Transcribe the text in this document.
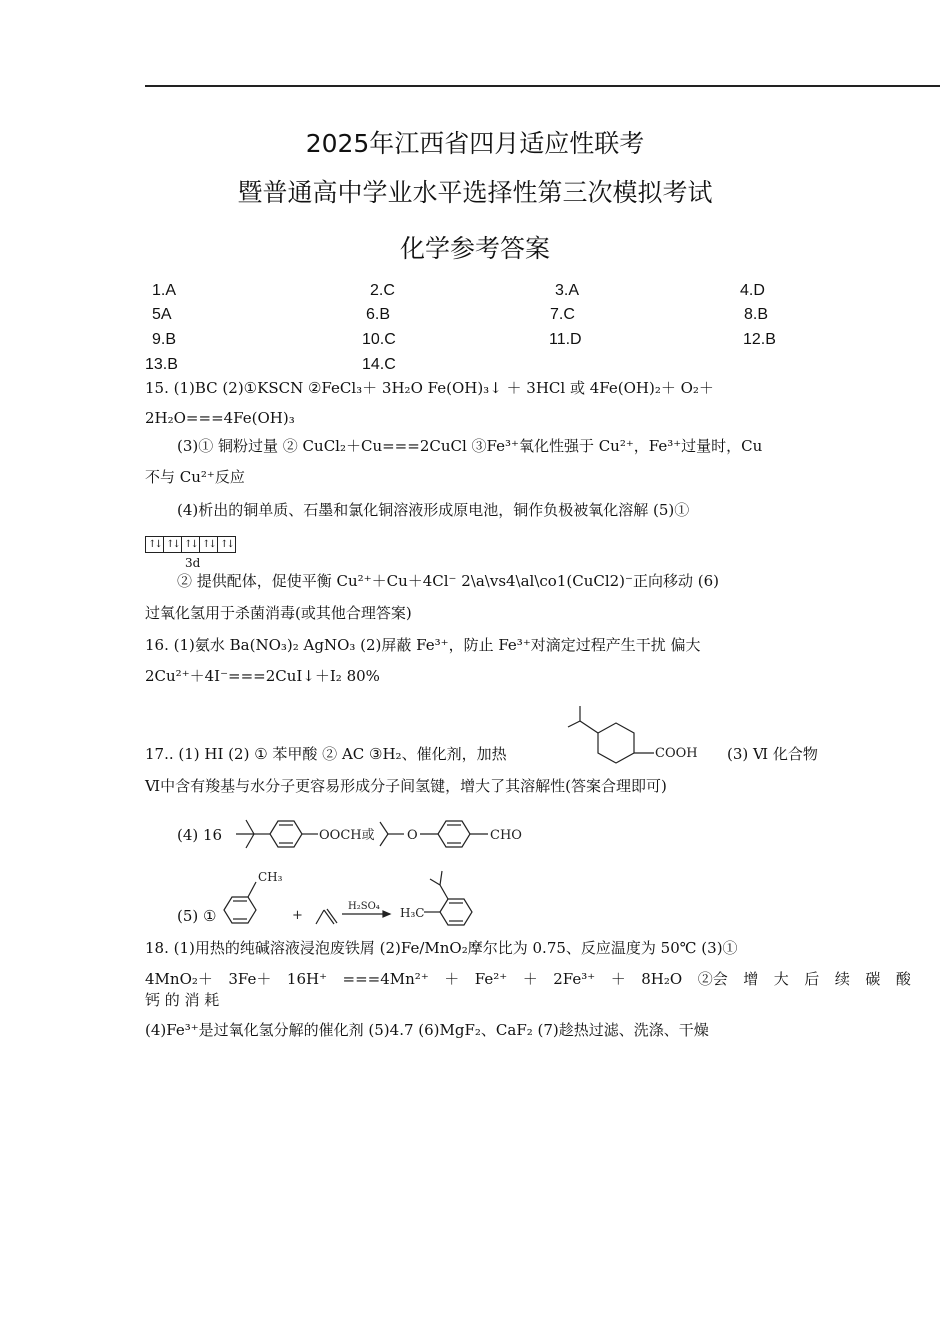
2025年江西省四月适应性联考
暨普通高中学业水平选择性第三次模拟考试
化学参考答案
1.A	2.C	3.A	4.D
5A	6.B	7.C	8.B
9.B	10.C	11.D	12.B
13.B	14.C
15. (1)BC (2)①KSCN ②FeCl₃＋ 3H₂O Fe(OH)₃↓ ＋ 3HCl 或 4Fe(OH)₂＋ O₂＋
2H₂O===4Fe(OH)₃
(3)① 铜粉过量 ② CuCl₂＋Cu===2CuCl ③Fe³⁺氧化性强于 Cu²⁺，Fe³⁺过量时，Cu
不与 Cu²⁺反应
(4)析出的铜单质、石墨和氯化铜溶液形成原电池，铜作负极被氧化溶解 (5)①
↑↓ ↑↓ ↑↓ ↑↓ ↑↓
3d
② 提供配体，促使平衡 Cu²⁺＋Cu＋4Cl⁻ 2\a\vs4\al\co1(CuCl2)⁻正向移动 (6)
过氧化氢用于杀菌消毒(或其他合理答案)
16. (1)氨水 Ba(NO₃)₂ AgNO₃ (2)屏蔽 Fe³⁺，防止 Fe³⁺对滴定过程产生干扰 偏大
2Cu²⁺＋4I⁻===2CuI↓＋I₂ 80%
17.. (1) HI (2) ① 苯甲酸 ② AC ③H₂、催化剂，加热	COOH (3) Ⅵ 化合物
Ⅵ中含有羧基与水分子更容易形成分子间氢键，增大了其溶解性(答案合理即可)
(4) 16	OOCH或 O	CHO
(5) ①
CH₃
+
H₂SO₄ H₃C
18. (1)用热的纯碱溶液浸泡废铁屑 (2)Fe/MnO₂摩尔比为 0.75、反应温度为 50℃ (3)①
4MnO₂＋ 3Fe＋ 16H⁺ ===4Mn²⁺ ＋ Fe²⁺ ＋ 2Fe³⁺ ＋ 8H₂O ②会 增 大 后 续 碳 酸
钙 的 消 耗
(4)Fe³⁺是过氧化氢分解的催化剂 (5)4.7 (6)MgF₂、CaF₂ (7)趁热过滤、洗涤、干燥
